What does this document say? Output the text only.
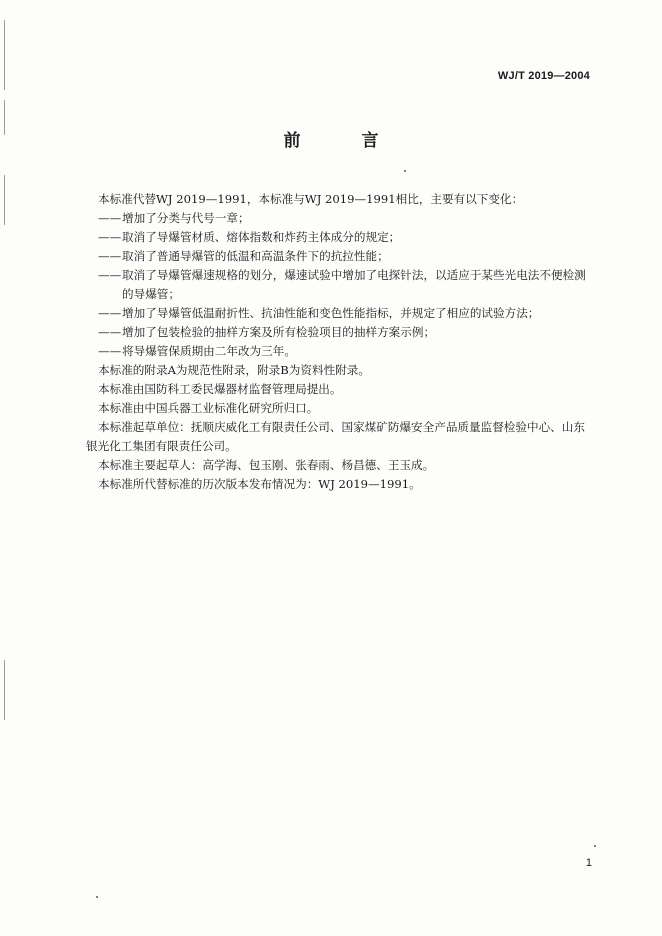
WJ/T 2019—2004
前　言

本标准代替WJ 2019—1991，本标准与WJ 2019—1991相比，主要有以下变化：

—— 增加了分类与代号一章；
—— 取消了导爆管材质、熔体指数和炸药主体成分的规定；
—— 取消了普通导爆管的低温和高温条件下的抗拉性能；
—— 取消了导爆管爆速规格的划分，爆速试验中增加了电探针法，以适应于某些光电法不便检测的导爆管；
—— 增加了导爆管低温耐折性、抗油性能和变色性能指标，并规定了相应的试验方法；
—— 增加了包装检验的抽样方案及所有检验项目的抽样方案示例；
—— 将导爆管保质期由二年改为三年。

本标准的附录A为规范性附录，附录B为资料性附录。

本标准由国防科工委民爆器材监督管理局提出。

本标准由中国兵器工业标准化研究所归口。

本标准起草单位：抚顺庆威化工有限责任公司、国家煤矿防爆安全产品质量监督检验中心、山东

银光化工集团有限责任公司。

本标准主要起草人：高学海、包玉刚、张春雨、杨昌德、王玉成。

本标准所代替标准的历次版本发布情况为：WJ 2019—1991。

1
